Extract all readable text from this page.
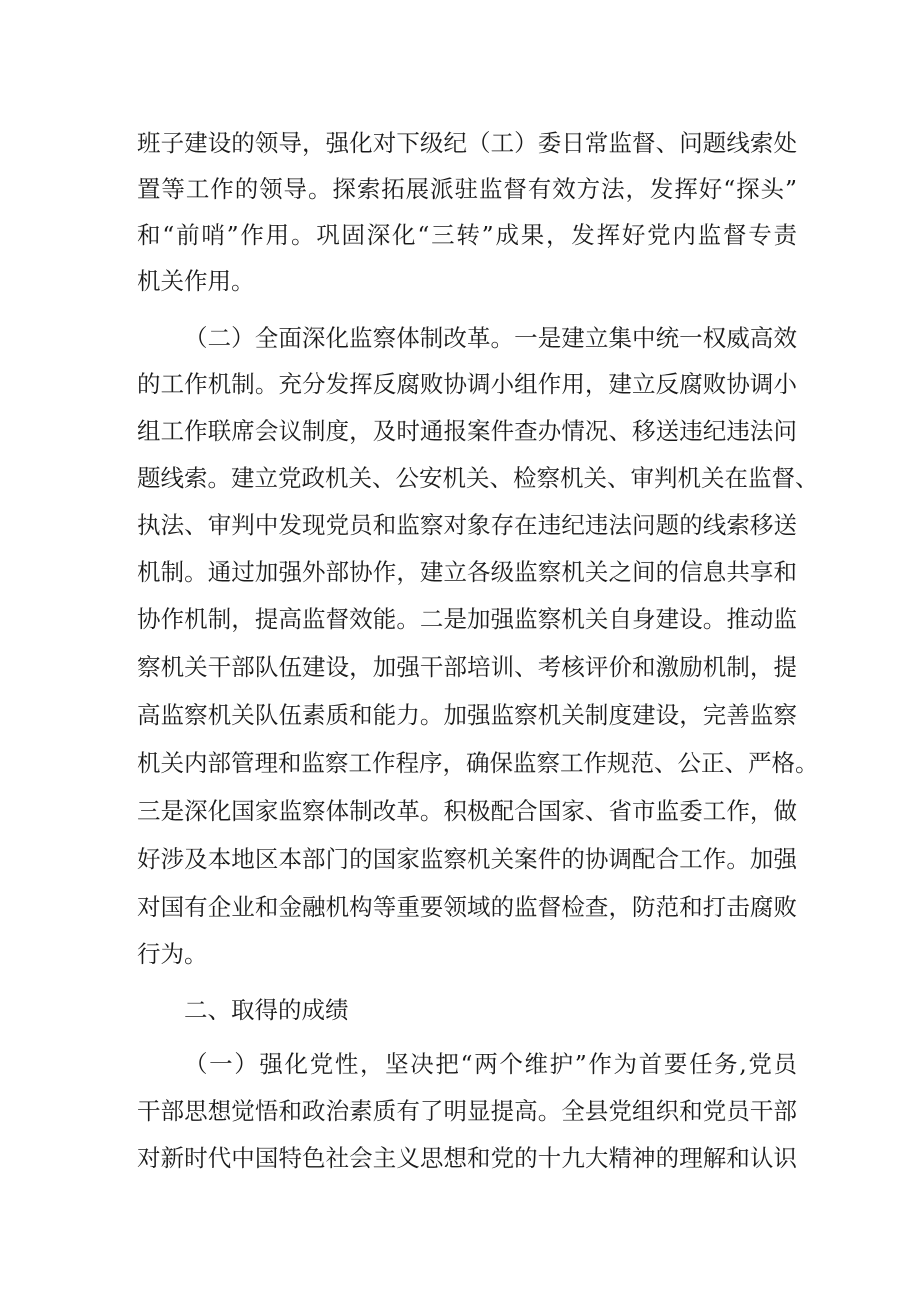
班子建设的领导，强化对下级纪（工）委日常监督、问题线索处
置等工作的领导。探索拓展派驻监督有效方法，发挥好“探头”
和“前哨”作用。巩固深化“三转”成果，发挥好党内监督专责
机关作用。
（二）全面深化监察体制改革。一是建立集中统一权威高效
的工作机制。充分发挥反腐败协调小组作用，建立反腐败协调小
组工作联席会议制度，及时通报案件查办情况、移送违纪违法问
题线索。建立党政机关、公安机关、检察机关、审判机关在监督、
执法、审判中发现党员和监察对象存在违纪违法问题的线索移送
机制。通过加强外部协作，建立各级监察机关之间的信息共享和
协作机制，提高监督效能。二是加强监察机关自身建设。推动监
察机关干部队伍建设，加强干部培训、考核评价和激励机制，提
高监察机关队伍素质和能力。加强监察机关制度建设，完善监察
机关内部管理和监察工作程序，确保监察工作规范、公正、严格。
三是深化国家监察体制改革。积极配合国家、省市监委工作，做
好涉及本地区本部门的国家监察机关案件的协调配合工作。加强
对国有企业和金融机构等重要领域的监督检查，防范和打击腐败
行为。
二、取得的成绩
（一）强化党性，坚决把“两个维护”作为首要任务,党员
干部思想觉悟和政治素质有了明显提高。全县党组织和党员干部
对新时代中国特色社会主义思想和党的十九大精神的理解和认识
